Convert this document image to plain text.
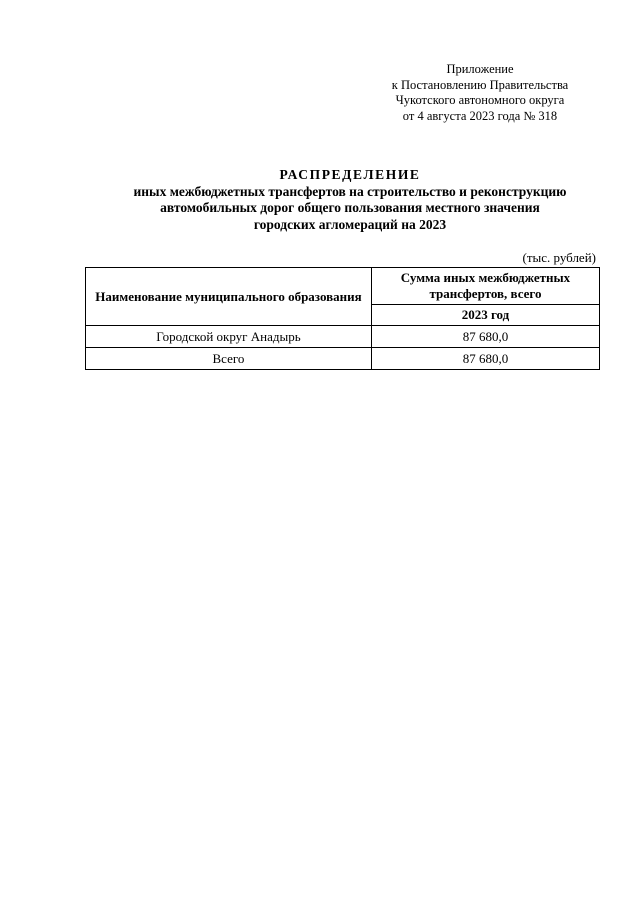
Приложение
к Постановлению Правительства
Чукотского автономного округа
от 4 августа 2023 года № 318
РАСПРЕДЕЛЕНИЕ
иных межбюджетных трансфертов на строительство и реконструкцию
автомобильных дорог общего пользования местного значения
городских агломераций на 2023
(тыс. рублей)
Наименование муниципального образования	Сумма иных межбюджетных трансфертов, всего
	2023 год
Городской округ Анадырь	87 680,0
Всего	87 680,0
